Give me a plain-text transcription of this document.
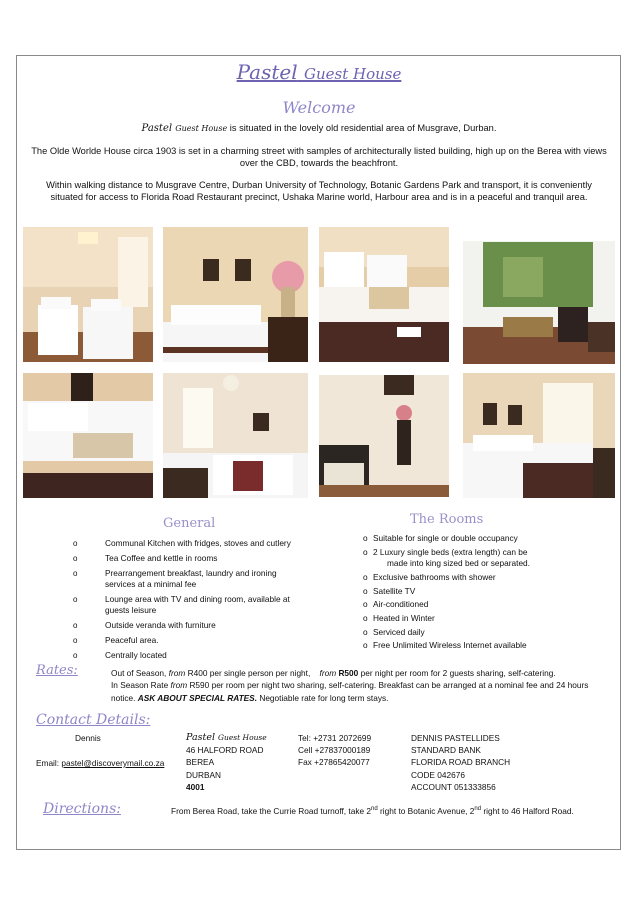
Pastel Guest House
Welcome

Pastel Guest House is situated in the lovely old residential area of Musgrave, Durban.

The Olde Worlde House circa 1903 is set in a charming street with samples of architecturally listed building, high up on the Berea with views over the CBD, towards the beachfront.

Within walking distance to Musgrave Centre, Durban University of Technology, Botanic Gardens Park and transport, it is conveniently situated for access to Florida Road Restaurant precinct, Ushaka Marine world, Harbour area and is in a peaceful and tranquil area.

General
o	Communal Kitchen with fridges, stoves and cutlery
o	Tea Coffee and kettle in rooms
o	Prearrangement breakfast, laundry and ironing services at a minimal fee
o	Lounge area with TV and dining room, available at guests leisure
o	Outside veranda with furniture
o	Peaceful area.
o	Centrally located
The Rooms
o Suitable for single or double occupancy
o 2 Luxury single beds (extra length) can be
made into king sized bed or separated.
o Exclusive bathrooms with shower
o Satellite TV
o Air-conditioned
o Heated in Winter
o Serviced daily
o Free Unlimited Wireless Internet available
Rates:	Out of Season, from R400 per single person per night, from R500 per night per room for 2 guests sharing, self-catering.

In Season Rate from R590 per room per night two sharing, self-catering. Breakfast can be arranged at a nominal fee and 24 hours notice. ASK ABOUT SPECIAL RATES. Negotiable rate for long term stays.

Contact Details:
Dennis
Email: pastel@discoverymail.co.za
Pastel Guest House
46 HALFORD ROAD
BEREA
DURBAN
4001
Tel: +2731 2072699
Cell +27837000189
Fax +27865420077
DENNIS PASTELLIDES
STANDARD BANK
FLORIDA ROAD BRANCH
CODE 042676
ACCOUNT 051333856
Directions:	From Berea Road, take the Currie Road turnoff, take 2nd right to Botanic Avenue, 2nd right to 46 Halford Road.
